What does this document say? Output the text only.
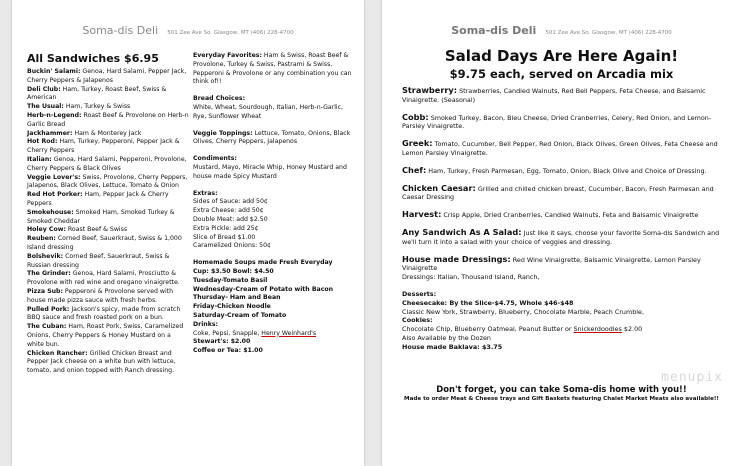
Soma-dis Deli 501 Zee Ave So. Glasgow, MT (406) 228-4700

All Sandwiches $6.95

Buckin' Salami: Genoa, Hard Salami, Pepper Jack, Cherry Peppers & Jalapenos

Deli Club: Ham, Turkey, Roast Beef, Swiss & American

The Usual: Ham, Turkey & Swiss

Herb-n-Legend: Roast Beef & Provolone on Herb-n Garlic Bread

Jackhammer: Ham & Monterey Jack

Hot Rod: Ham, Turkey, Pepperoni, Pepper Jack & Cherry Peppers

Italian: Genoa, Hard Salami, Pepperoni, Provolone, Cherry Peppers & Black Olives

Veggie Lover's: Swiss, Provolone, Cherry Peppers, Jalapenos, Black Olives, Lettuce, Tomato & Onion

Red Hot Porker: Ham, Pepper Jack & Cherry Peppers

Smokehouse: Smoked Ham, Smoked Turkey & Smoked Cheddar

Holey Cow: Roast Beef & Swiss

Reuben: Corned Beef, Sauerkraut, Swiss & 1,000 Island dressing

Bolshevik: Corned Beef, Sauerkraut, Swiss & Russian dressing

The Grinder: Genoa, Hard Salami, Prosciutto & Provolone with red wine and oregano vinaigrette.

Pizza Sub: Pepperoni & Provolone served with house made pizza sauce with fresh herbs.

Pulled Pork: Jackson's spicy, made from scratch BBQ sauce and fresh roasted pork on a bun.

The Cuban: Ham, Roast Pork, Swiss, Caramelized Onions, Cherry Peppers & Honey Mustard on a white bun.

Chicken Rancher: Grilled Chicken Breast and Pepper Jack cheese on a white bun with lettuce, tomato, and onion topped with Ranch dressing.

Everyday Favorites: Ham & Swiss, Roast Beef & Provolone, Turkey & Swiss, Pastrami & Swiss, Pepperoni & Provolone or any combination you can think of!!

Bread Choices:

White, Wheat, Sourdough, Italian, Herb-n-Garlic, Rye, Sunflower Wheat

Veggie Toppings: Lettuce, Tomato, Onions, Black Olives, Cherry Peppers, Jalapenos

Condiments:

Mustard, Mayo, Miracle Whip, Honey Mustard and house made Spicy Mustard

Extras:

Sides of Sauce: add 50¢

Extra Cheese: add 50¢

Double Meat: add $2.50

Extra Pickle: add 25¢

Slice of Bread $1.00

Caramelized Onions: 50¢

Homemade Soups made Fresh Everyday

Cup: $3.50 Bowl: $4.50

Tuesday-Tomato Basil

Wednesday-Cream of Potato with Bacon

Thursday- Ham and Bean

Friday-Chicken Noodle

Saturday-Cream of Tomato

Drinks:

Coke, Pepsi, Snapple, Henry Weinhard's

Stewart's: $2.00

Coffee or Tea: $1.00

Soma-dis Deli 501 Zee Ave So. Glasgow, MT (406) 228-4700
Salad Days Are Here Again!
$9.75 each, served on Arcadia mix

Strawberry: Strawberries, Candied Walnuts, Red Bell Peppers, Feta Cheese, and Balsamic Vinaigrette. (Seasonal)

Cobb: Smoked Turkey, Bacon, Bleu Cheese, Dried Cranberries, Celery, Red Onion, and Lemon-Parsley Vinaigrette.

Greek: Tomato, Cucumber, Bell Pepper, Red Onion, Black Olives, Green Olives, Feta Cheese and Lemon Parsley Vinaigrette.

Chef: Ham, Turkey, Fresh Parmesan, Egg, Tomato, Onion, Black Olive and Choice of Dressing.

Chicken Caesar: Grilled and chilled chicken breast, Cucumber, Bacon, Fresh Parmesan and Caesar Dressing

Harvest: Crisp Apple, Dried Cranberries, Candied Walnuts, Feta and Balsamic Vinaigrette

Any Sandwich As A Salad: Just like it says, choose your favorite Soma-dis Sandwich and we'll turn it into a salad with your choice of veggies and dressing.

House made Dressings: Red Wine Vinaigrette, Balsamic Vinaigrette, Lemon Parsley Vinaigrette

Dressings: Italian, Thousand Island, Ranch,

Desserts:

Cheesecake: By the Slice-$4.75, Whole $46-$48

Classic New York, Strawberry, Blueberry, Chocolate Marble, Peach Crumble,

Cookies:

Chocolate Chip, Blueberry Oatmeal, Peanut Butter or Snickerdoodles $2.00

Also Available by the Dozen

House made Baklava: $3.75

menupix
Don't forget, you can take Soma-dis home with you!!
Made to order Meat & Cheese trays and Gift Baskets featuring Chalet Market Meats also available!!
